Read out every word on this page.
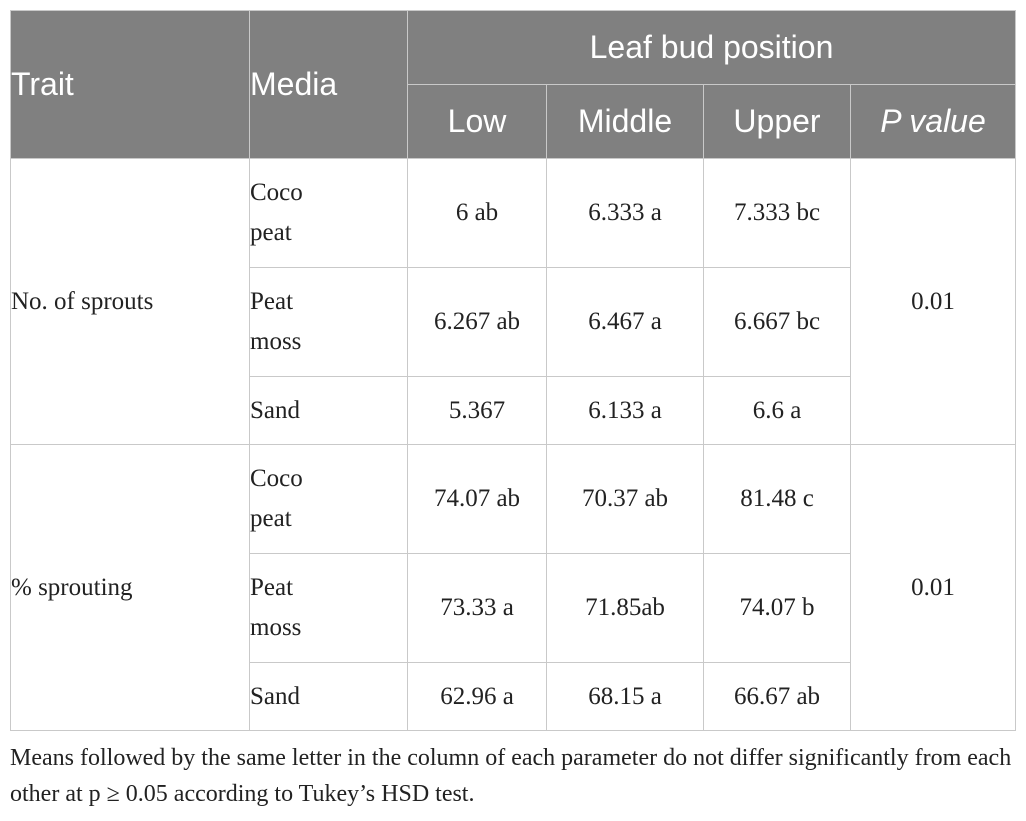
Trait	Media	Leaf bud position			
		Low	Middle	Upper	P value
No. of sprouts	Coco peat	6 ab	6.333 a	7.333 bc	0.01
	Peat moss	6.267 ab	6.467 a	6.667 bc	
	Sand	5.367	6.133 a	6.6 a	
% sprouting	Coco peat	74.07 ab	70.37 ab	81.48 c	0.01
	Peat moss	73.33 a	71.85ab	74.07 b	
	Sand	62.96 a	68.15 a	66.67 ab	
Means followed by the same letter in the column of each parameter do not differ significantly from each other at p ≥ 0.05 according to Tukey’s HSD test.
